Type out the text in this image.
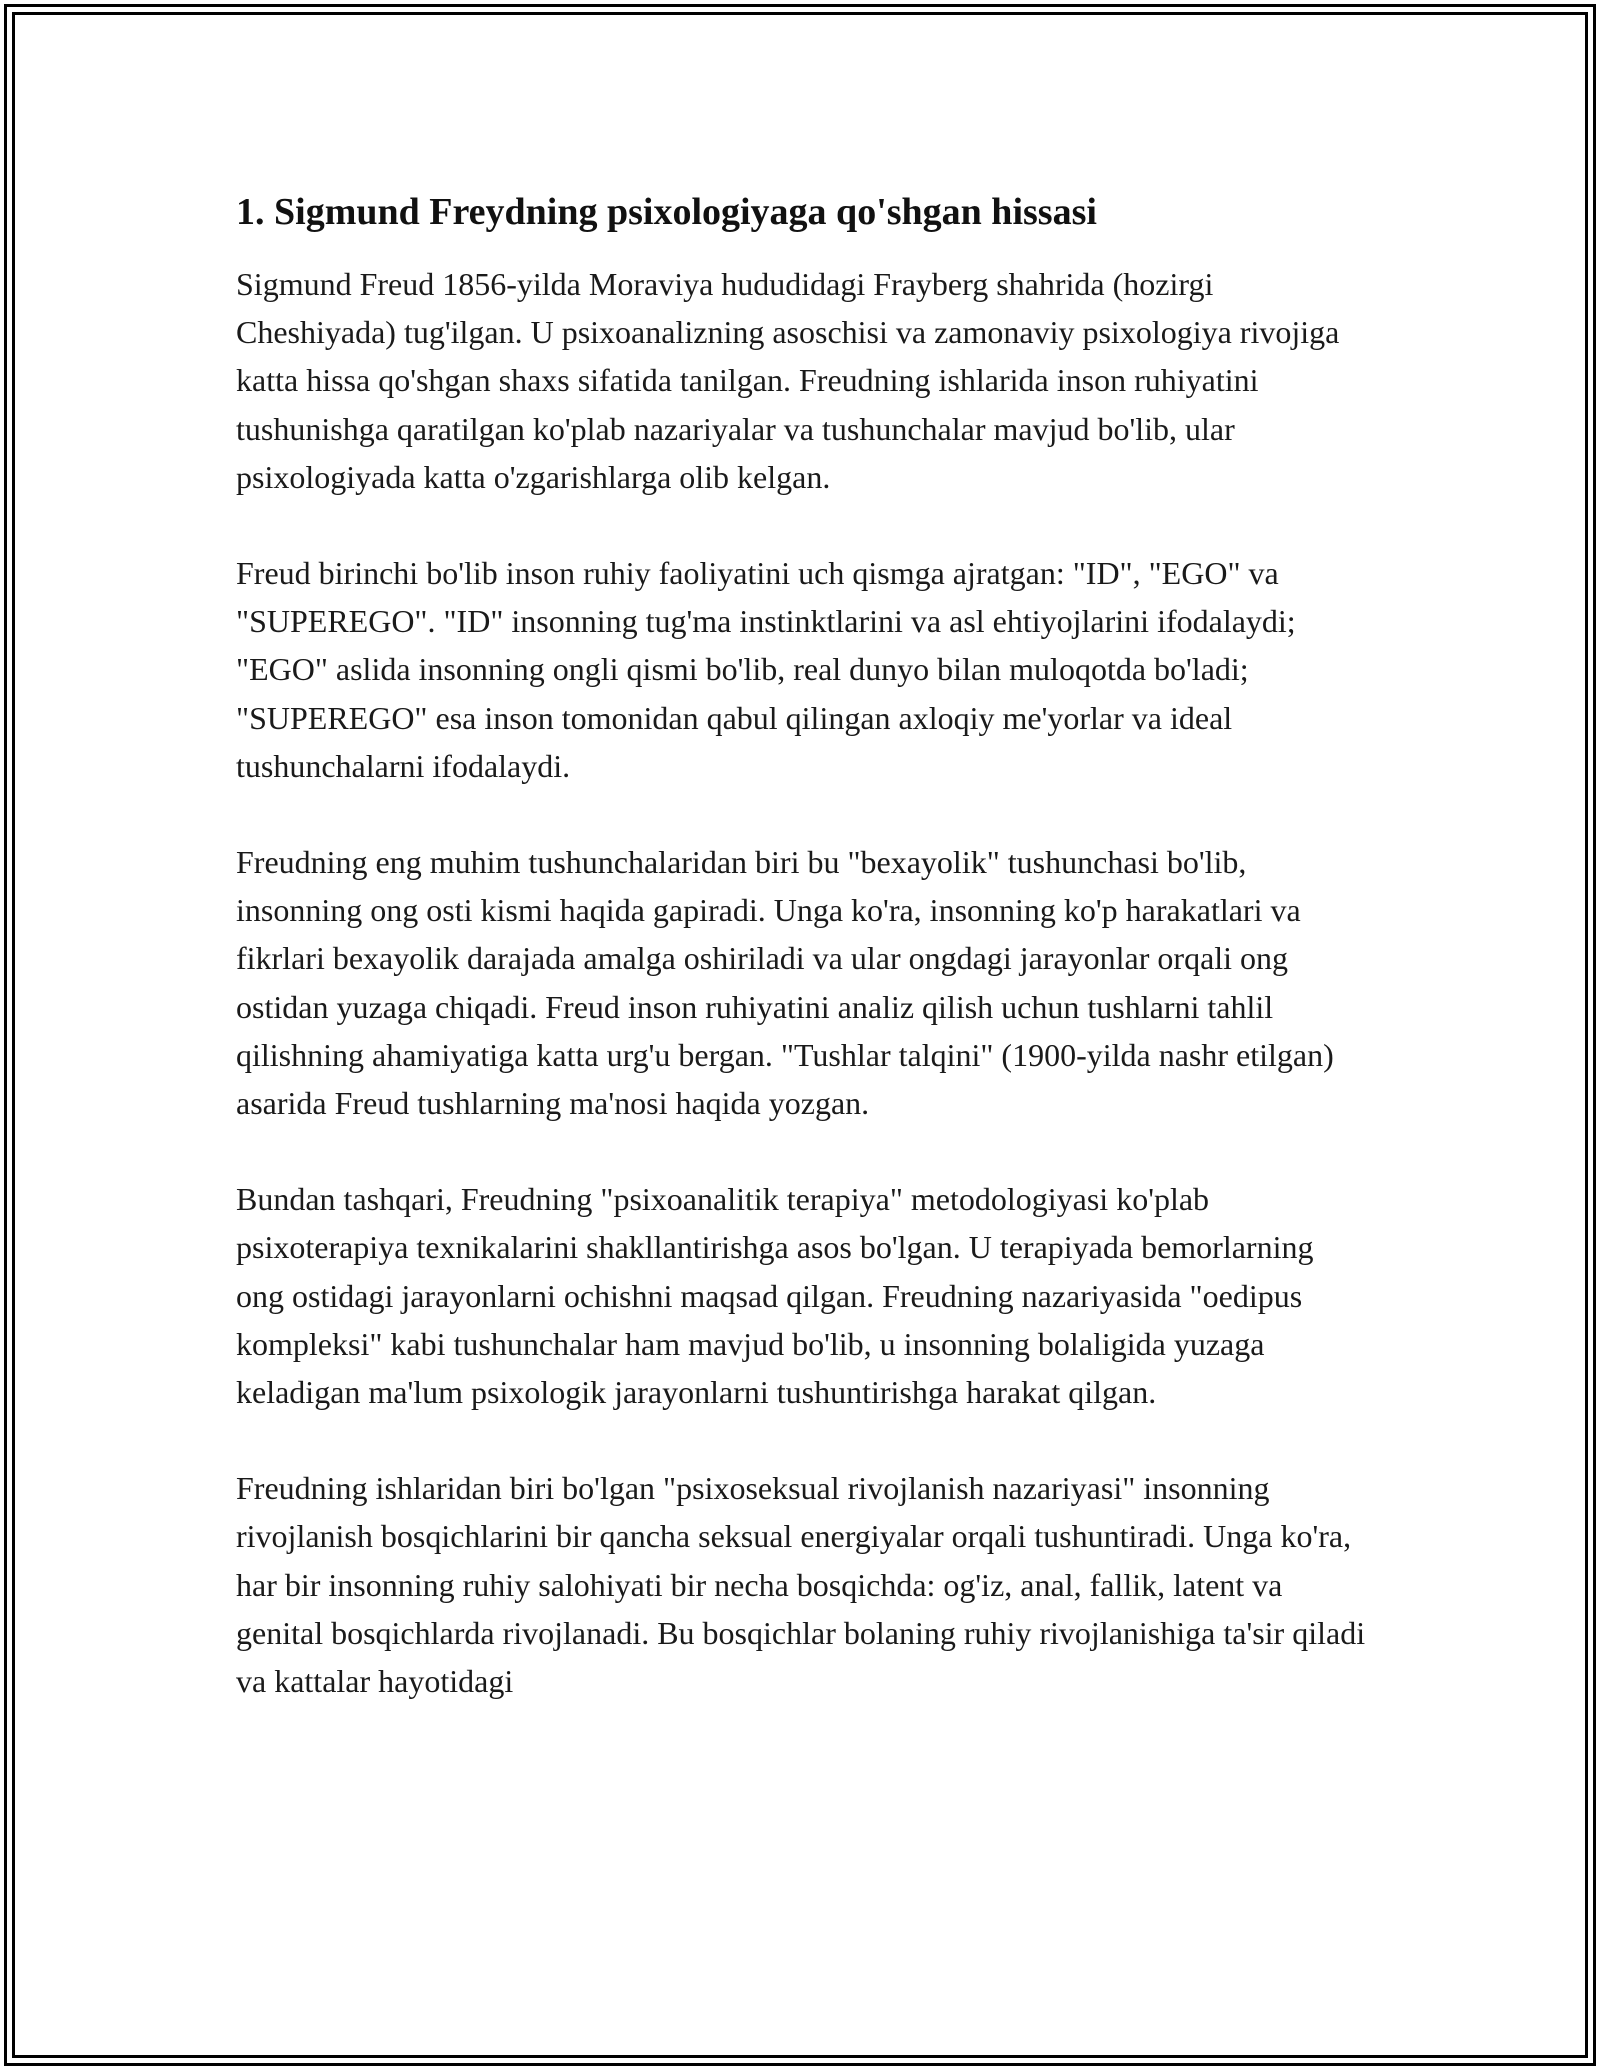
1. Sigmund Freydning psixologiyaga qo'shgan hissasi

Sigmund Freud 1856-yilda Moraviya hududidagi Frayberg shahrida (hozirgi Cheshiyada) tug'ilgan. U psixoanalizning asoschisi va zamonaviy psixologiya rivojiga katta hissa qo'shgan shaxs sifatida tanilgan. Freudning ishlarida inson ruhiyatini tushunishga qaratilgan ko'plab nazariyalar va tushunchalar mavjud bo'lib, ular psixologiyada katta o'zgarishlarga olib kelgan.

Freud birinchi bo'lib inson ruhiy faoliyatini uch qismga ajratgan: "ID", "EGO" va "SUPEREGO". "ID" insonning tug'ma instinktlarini va asl ehtiyojlarini ifodalaydi; "EGO" aslida insonning ongli qismi bo'lib, real dunyo bilan muloqotda bo'ladi; "SUPEREGO" esa inson tomonidan qabul qilingan axloqiy me'yorlar va ideal tushunchalarni ifodalaydi.

Freudning eng muhim tushunchalaridan biri bu "bexayolik" tushunchasi bo'lib, insonning ong osti kismi haqida gapiradi. Unga ko'ra, insonning ko'p harakatlari va fikrlari bexayolik darajada amalga oshiriladi va ular ongdagi jarayonlar orqali ong ostidan yuzaga chiqadi. Freud inson ruhiyatini analiz qilish uchun tushlarni tahlil qilishning ahamiyatiga katta urg'u bergan. "Tushlar talqini" (1900-yilda nashr etilgan) asarida Freud tushlarning ma'nosi haqida yozgan.

Bundan tashqari, Freudning "psixoanalitik terapiya" metodologiyasi ko'plab psixoterapiya texnikalarini shakllantirishga asos bo'lgan. U terapiyada bemorlarning ong ostidagi jarayonlarni ochishni maqsad qilgan. Freudning nazariyasida "oedipus kompleksi" kabi tushunchalar ham mavjud bo'lib, u insonning bolaligida yuzaga keladigan ma'lum psixologik jarayonlarni tushuntirishga harakat qilgan.

Freudning ishlaridan biri bo'lgan "psixoseksual rivojlanish nazariyasi" insonning rivojlanish bosqichlarini bir qancha seksual energiyalar orqali tushuntiradi. Unga ko'ra, har bir insonning ruhiy salohiyati bir necha bosqichda: og'iz, anal, fallik, latent va genital bosqichlarda rivojlanadi. Bu bosqichlar bolaning ruhiy rivojlanishiga ta'sir qiladi va kattalar hayotidagi
